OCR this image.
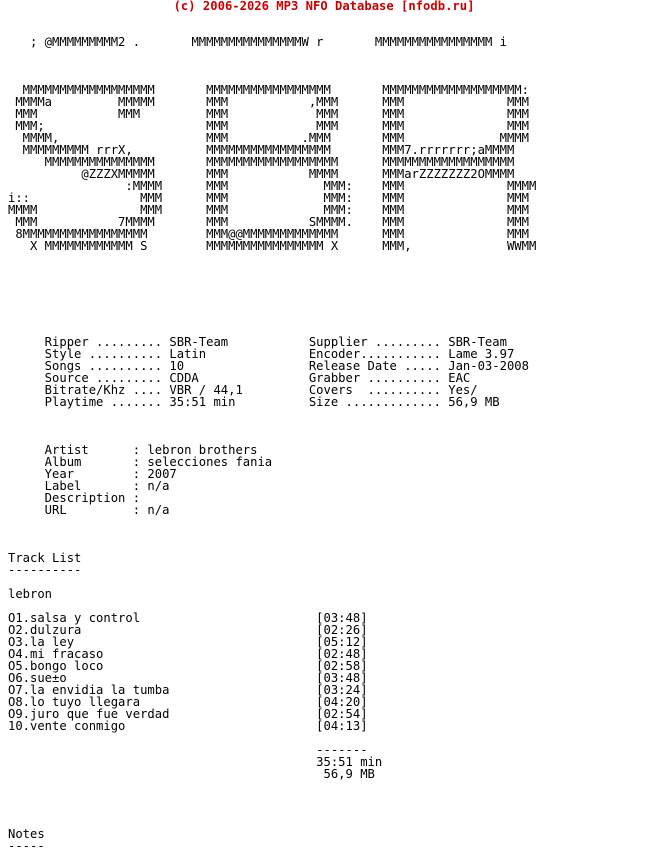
(c) 2006-2026 MP3 NFO Database [nfodb.ru]

; @MMMMMMMMM2 .       MMMMMMMMMMMMMMMW r       MMMMMMMMMMMMMMMM i

MMMMMMMMMMMMMMMMMM       MMMMMMMMMMMMMMMMM       MMMMMMMMMMMMMMMMMMM:
MMMMa         MMMMM       MMM           ,MMM      MMM              MMM
MMM           MMM         MMM            MMM      MMM              MMM
MMM;                      MMM            MMM      MMM              MMM
MMMM,                    MMM          .MMM       MMM             MMMM
MMMMMMMMM rrrX,          MMMMMMMMMMMMMMMMM       MMM7.rrrrrrr;aMMMM
MMMMMMMMMMMMMMM       MMMMMMMMMMMMMMMMMM      MMMMMMMMMMMMMMMMMM
@ZZZXMMMMM       MMM           MMMM      MMMarZZZZZZZ2OMMMM
:MMMM      MMM             MMM:    MMM              MMMM
i::               MMM      MMM             MMM:    MMM              MMM
MMMM              MMM      MMM             MMM:    MMM              MMM
MMM           7MMMM       MMM           SMMMM.    MMM              MMM
8MMMMMMMMMMMMMMMMM        MMM@@MMMMMMMMMMMMM      MMM              MMM
X MMMMMMMMMMMM S        MMMMMMMMMMMMMMMM X      MMM,             WWMM
Ripper ......... SBR-Team           Supplier ......... SBR-Team
Style .......... Latin              Encoder........... Lame 3.97
Songs .......... 10                 Release Date ..... Jan-03-2008
Source ......... CDDA               Grabber .......... EAC
Bitrate/Khz .... VBR / 44,1         Covers  .......... Yes/
Playtime ....... 35:51 min          Size ............. 56,9 MB
Artist      : lebron brothers
Album       : selecciones fania
Year        : 2007
Label       : n/a
Description :
URL         : n/a
Track List
----------
lebron
O1.salsa y control                        [03:48]
O2.dulzura                                [02:26]
O3.la ley                                 [05:12]
O4.mi fracaso                             [02:48]
O5.bongo loco                             [02:58]
O6.sue±o                                  [03:48]
O7.la envidia la tumba                    [03:24]
O8.lo tuyo llegara                        [04:20]
O9.juro que fue verdad                    [02:54]
10.vente conmigo                          [04:13]
-------
35:51 min
56,9 MB
Notes
-----
